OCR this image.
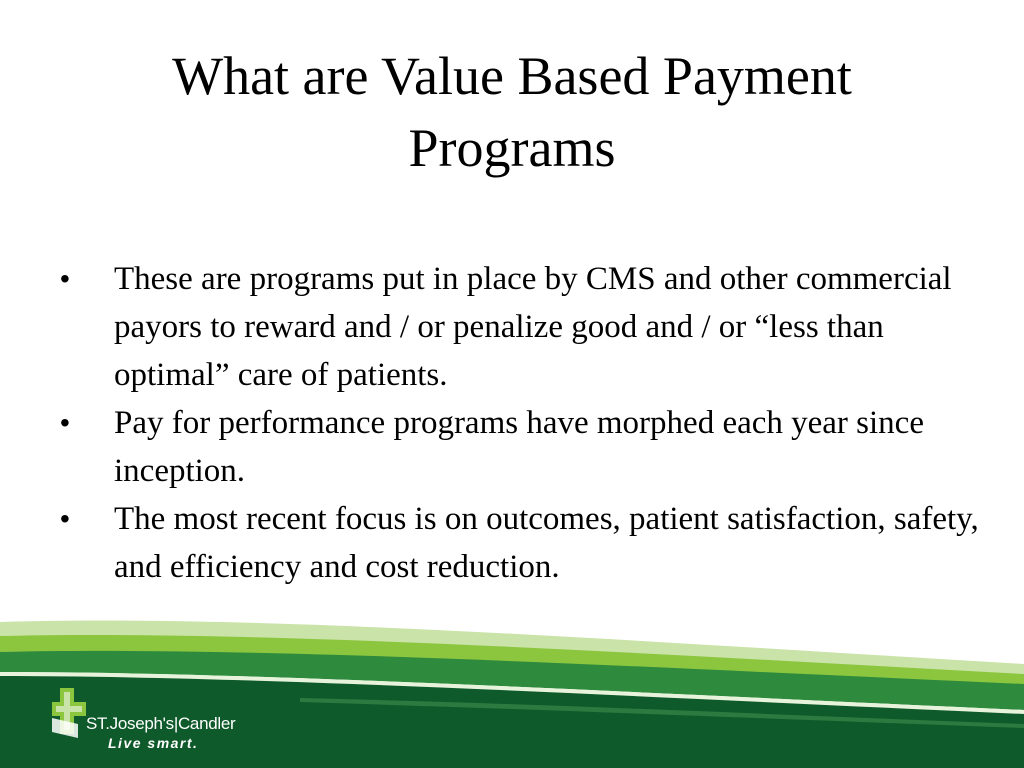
What are Value Based Payment
Programs
• These are programs put in place by CMS and other commercial payors to reward and / or penalize good and / or “less than optimal” care of patients.
• Pay for performance programs have morphed each year since inception.
• The most recent focus is on outcomes, patient satisfaction, safety, and efficiency and cost reduction.
ST.Joseph's|Candler
Live smart.
